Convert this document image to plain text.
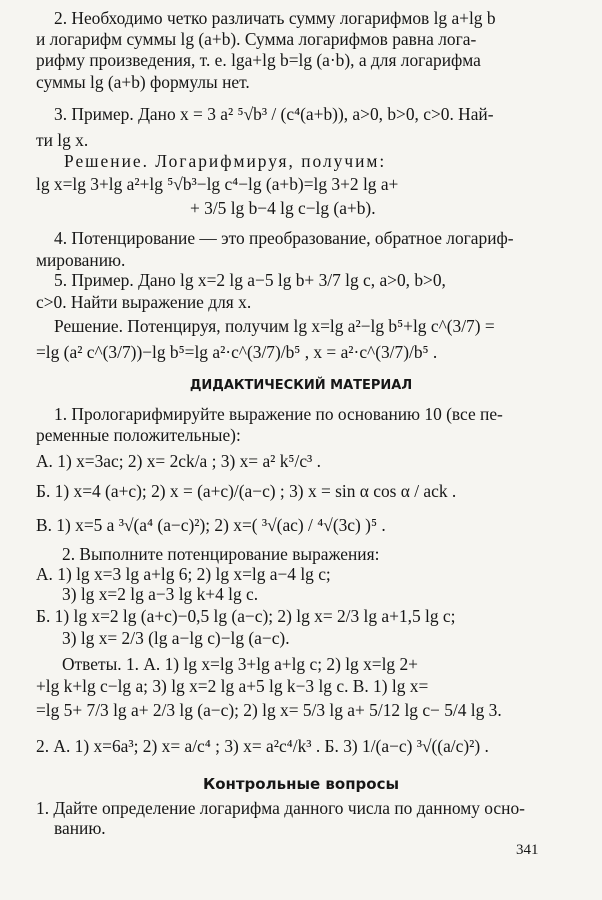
2. Необходимо четко различать сумму логарифмов lg a+lg b
и логарифм суммы lg (a+b). Сумма логарифмов равна лога-
рифму произведения, т. е. lga+lg b=lg (a·b), а для логарифма
суммы lg (a+b) формулы нет.
3. Пример. Дано x = 3 a² ⁵√b³ / (c⁴(a+b)), a>0, b>0, c>0. Най-
ти lg x.
Решение. Логарифмируя, получим:
lg x=lg 3+lg a²+lg ⁵√b³−lg c⁴−lg (a+b)=lg 3+2 lg a+
+ 3/5 lg b−4 lg c−lg (a+b).
4. Потенцирование — это преобразование, обратное логариф-
мированию.
5. Пример. Дано lg x=2 lg a−5 lg b+ 3/7 lg c, a>0, b>0,
c>0. Найти выражение для x.
Решение. Потенцируя, получим lg x=lg a²−lg b⁵+lg c^(3/7) =
=lg (a² c^(3/7))−lg b⁵=lg a²·c^(3/7)/b⁵ , x = a²·c^(3/7)/b⁵ .
ДИДАКТИЧЕСКИЙ МАТЕРИАЛ
1. Прологарифмируйте выражение по основанию 10 (все пе-
ременные положительные):
А. 1) x=3ac; 2) x= 2ck/a ; 3) x= a² k⁵/c³ .
Б. 1) x=4 (a+c); 2) x = (a+c)/(a−c) ; 3) x = sin α cos α / ack .
В. 1) x=5 a ³√(a⁴ (a−c)²); 2) x=( ³√(ac) / ⁴√(3c) )⁵ .
2. Выполните потенцирование выражения:
А. 1) lg x=3 lg a+lg 6; 2) lg x=lg a−4 lg c;
3) lg x=2 lg a−3 lg k+4 lg c.
Б. 1) lg x=2 lg (a+c)−0,5 lg (a−c); 2) lg x= 2/3 lg a+1,5 lg c;
3) lg x= 2/3 (lg a−lg c)−lg (a−c).
Ответы. 1. А. 1) lg x=lg 3+lg a+lg c; 2) lg x=lg 2+
+lg k+lg c−lg a; 3) lg x=2 lg a+5 lg k−3 lg c. В. 1) lg x=
=lg 5+ 7/3 lg a+ 2/3 lg (a−c); 2) lg x= 5/3 lg a+ 5/12 lg c− 5/4 lg 3.
2. А. 1) x=6a³; 2) x= a/c⁴ ; 3) x= a²c⁴/k³ . Б. 3) 1/(a−c) ³√((a/c)²) .
Контрольные вопросы
1. Дайте определение логарифма данного числа по данному осно-
ванию.
341
